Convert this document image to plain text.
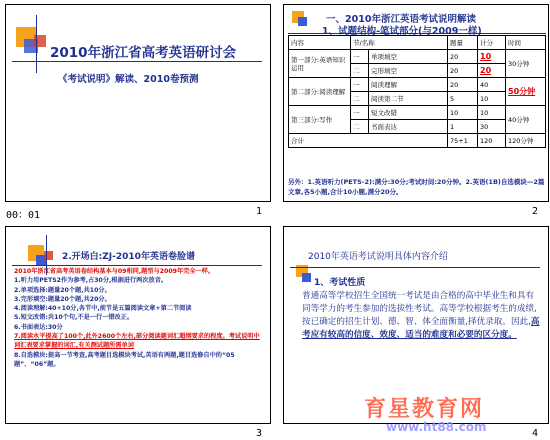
2010年浙江省高考英语研讨会
《考试说明》解读、2010卷预测
00：01	1
一、2010年浙江英语考试说明解读
1、试题结构-笔试部分(与2009一样)
内容	节/名称		题量	计分	时间
第一部分:英语知识运用	一	单项填空	20	10	30分钟
	二	完形填空	20	20	
第二部分:阅读理解	一	阅读理解	20	40	50分钟
	二	阅读第二节	5	10	
第三部分:写作	一	短文改错	10	10	40分钟
	二	书面表达	1	30	
合计			75+1	120	120分钟
另外：1.英语听力(PETS-2):满分:30分;考试时间:20分钟。2.英语(1B)自选模块—2篇文章,各5小题,合计10小题,满分20分。
2
2.开场白:ZJ-2010年英语卷脸谱
2010年浙江省高考英语卷结构基本与09相同,题型与2009年完全一样。
1.听力用PETS2作为参考,占30分,根据进行两次放音。
2.单项选择:题量20个题,共10分。
3.完形填空:题量20个题,共20分。
4.阅读理解:40+10分,各节中,前节是五篇阅读文章+第二节阅读
5.短文改错:共10个句,不是一行一错改正。
6.书面表达:30分
7.阅读水平提高了100个,此外2600个左右,部分阅读题词汇超纲要求的程度。考试说明中词汇表要求掌握的词汇,有关测试题所需单词
8.自选模块:提高一节考查,高考题目选模块考试,英语有两题,题目选修自中的“05题”、“06”题。
3
2010年英语考试说明具体内容介绍
1、考试性质
普通高等学校招生全国统一考试是由合格的高中毕业生和具有同等学力的考生参加的选拔性考试。高等学校根据考生的成绩,按已确定的招生计划、德、智、体全面衡量,择优录取。因此,高考应有较高的信度、效度、适当的难度和必要的区分度。
4
育星教育网
www.ht88.com
